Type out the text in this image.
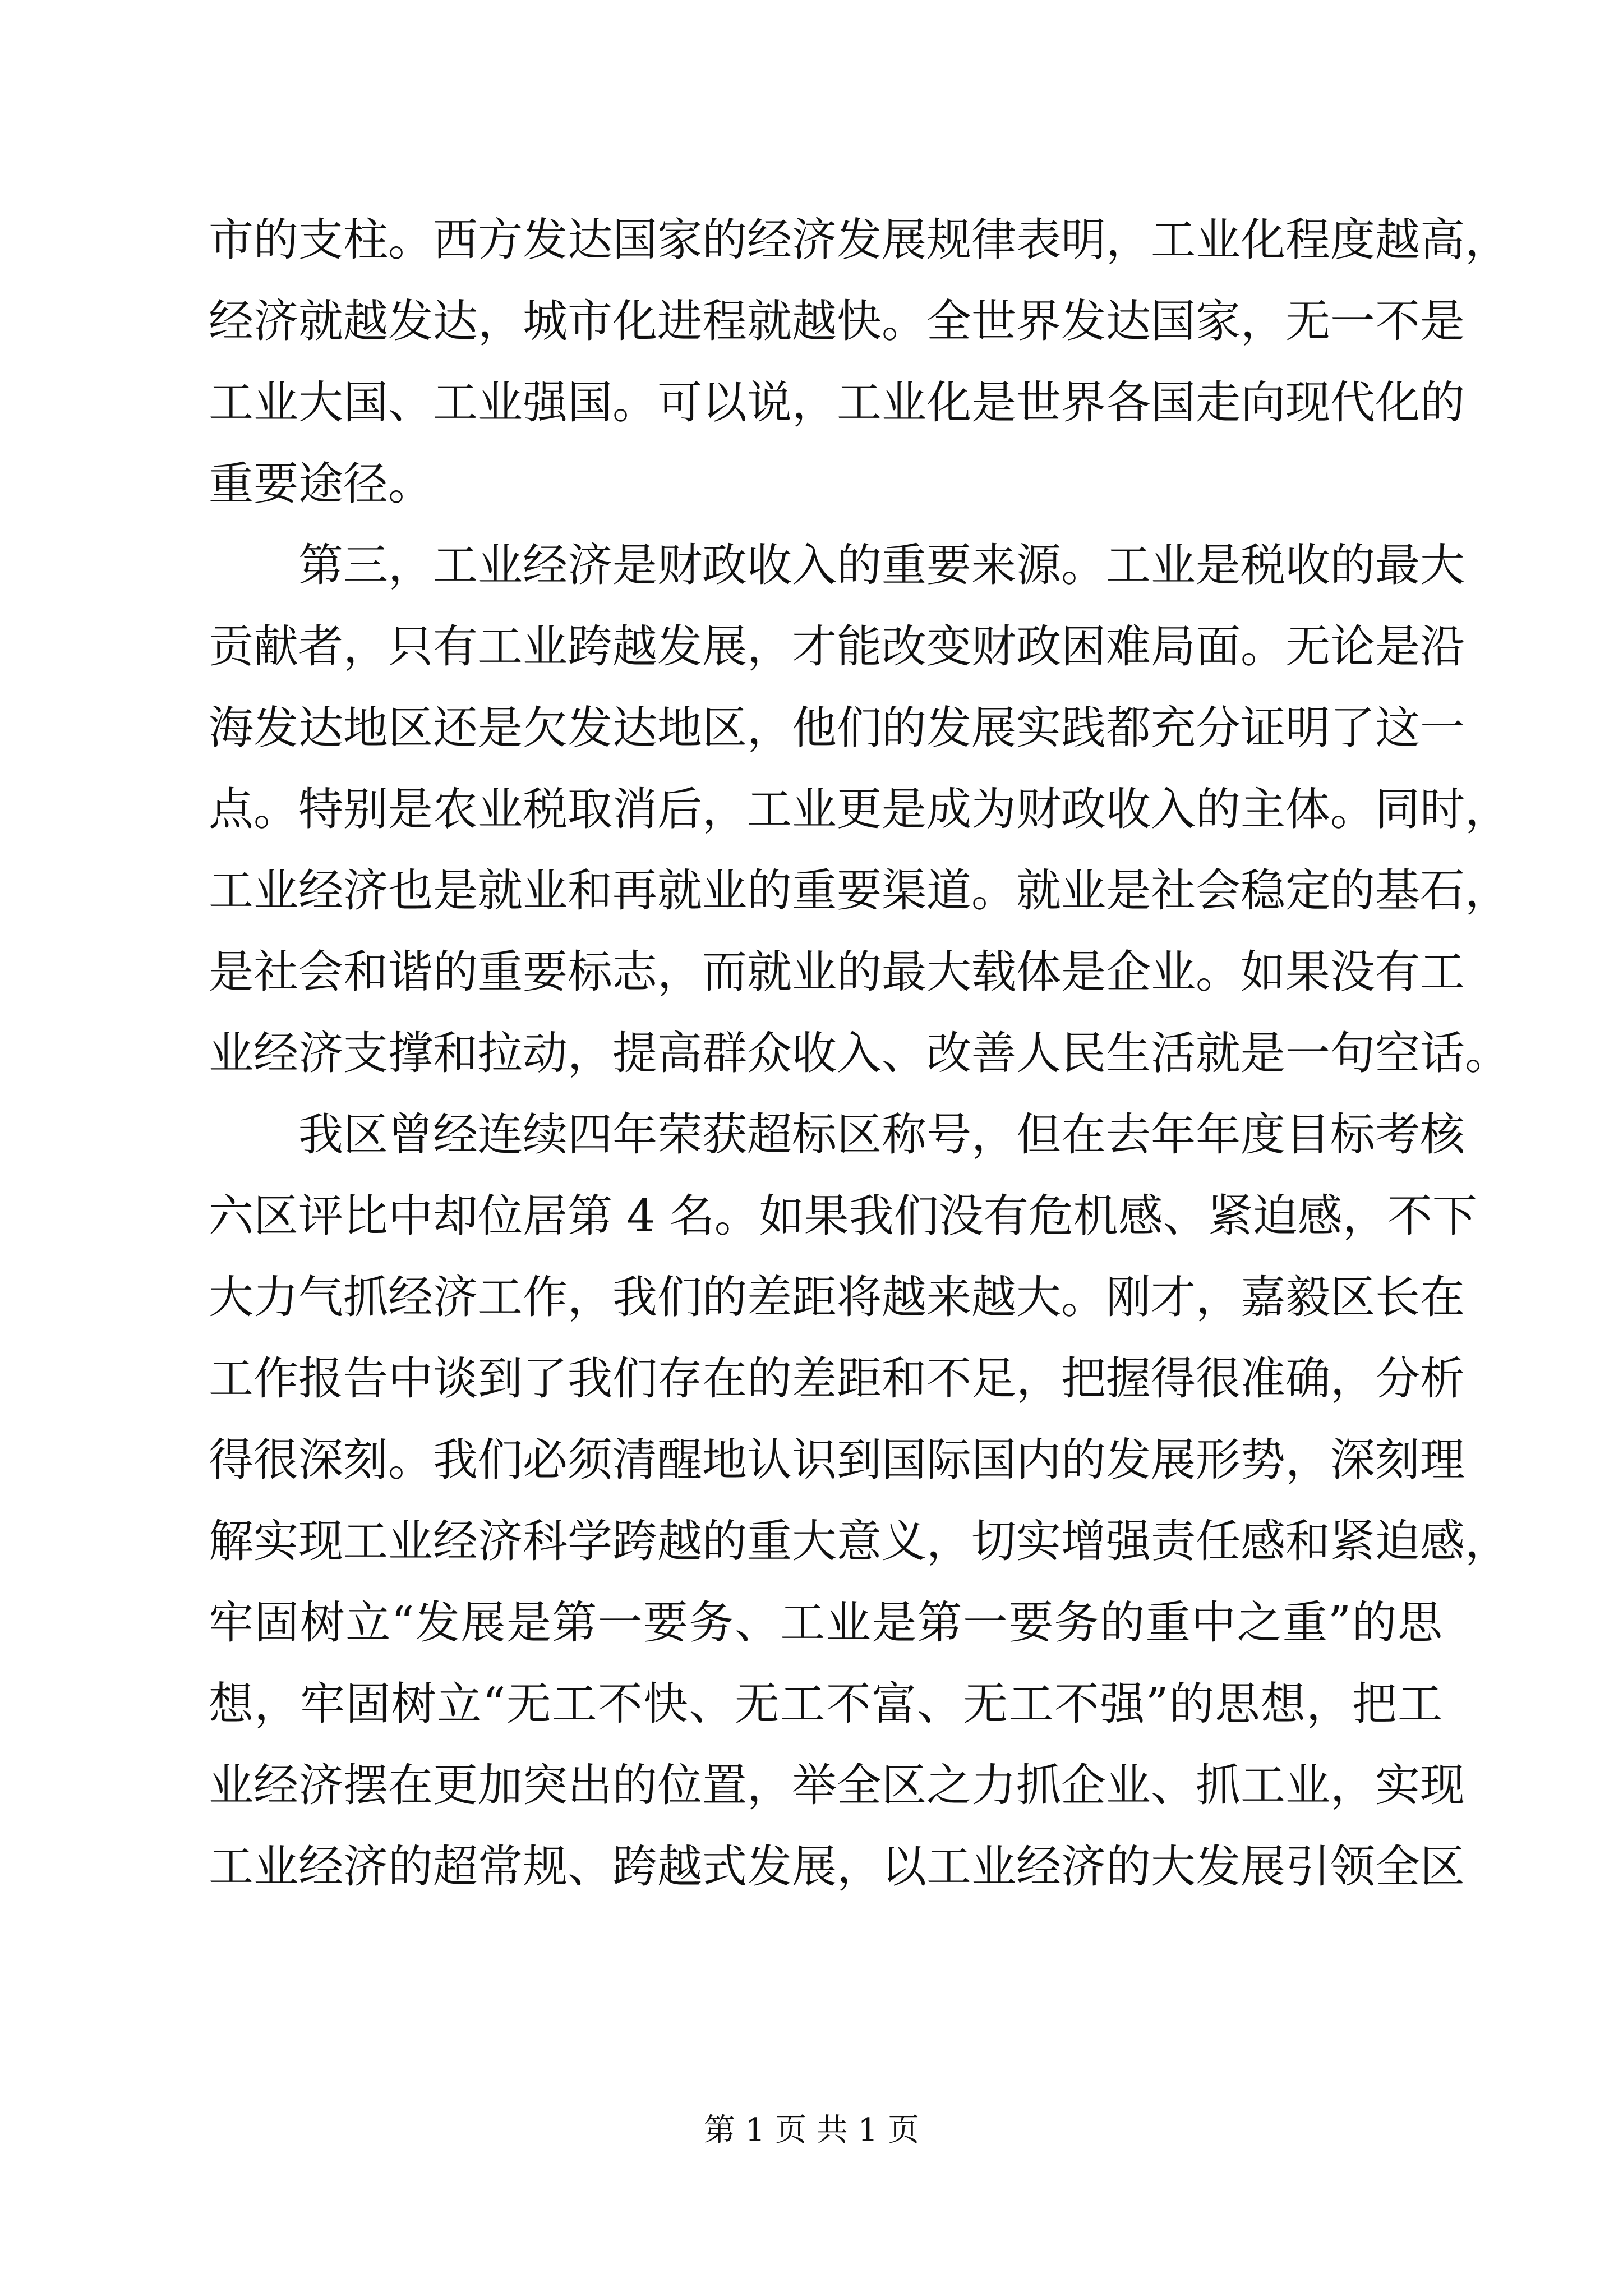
市的支柱。西方发达国家的经济发展规律表明，工业化程度越高，
经济就越发达，城市化进程就越快。全世界发达国家，无一不是
工业大国、工业强国。可以说，工业化是世界各国走向现代化的
重要途径。
第三，工业经济是财政收入的重要来源。工业是税收的最大
贡献者，只有工业跨越发展，才能改变财政困难局面。无论是沿
海发达地区还是欠发达地区，他们的发展实践都充分证明了这一
点。特别是农业税取消后，工业更是成为财政收入的主体。同时，
工业经济也是就业和再就业的重要渠道。就业是社会稳定的基石，
是社会和谐的重要标志，而就业的最大载体是企业。如果没有工
业经济支撑和拉动，提高群众收入、改善人民生活就是一句空话。
我区曾经连续四年荣获超标区称号，但在去年年度目标考核
六区评比中却位居第 4 名。如果我们没有危机感、紧迫感，不下
大力气抓经济工作，我们的差距将越来越大。刚才，嘉毅区长在
工作报告中谈到了我们存在的差距和不足，把握得很准确，分析
得很深刻。我们必须清醒地认识到国际国内的发展形势，深刻理
解实现工业经济科学跨越的重大意义，切实增强责任感和紧迫感，
牢固树立“发展是第一要务、工业是第一要务的重中之重”的思
想，牢固树立“无工不快、无工不富、无工不强”的思想，把工
业经济摆在更加突出的位置，举全区之力抓企业、抓工业，实现
工业经济的超常规、跨越式发展，以工业经济的大发展引领全区
第 1 页 共 1 页
